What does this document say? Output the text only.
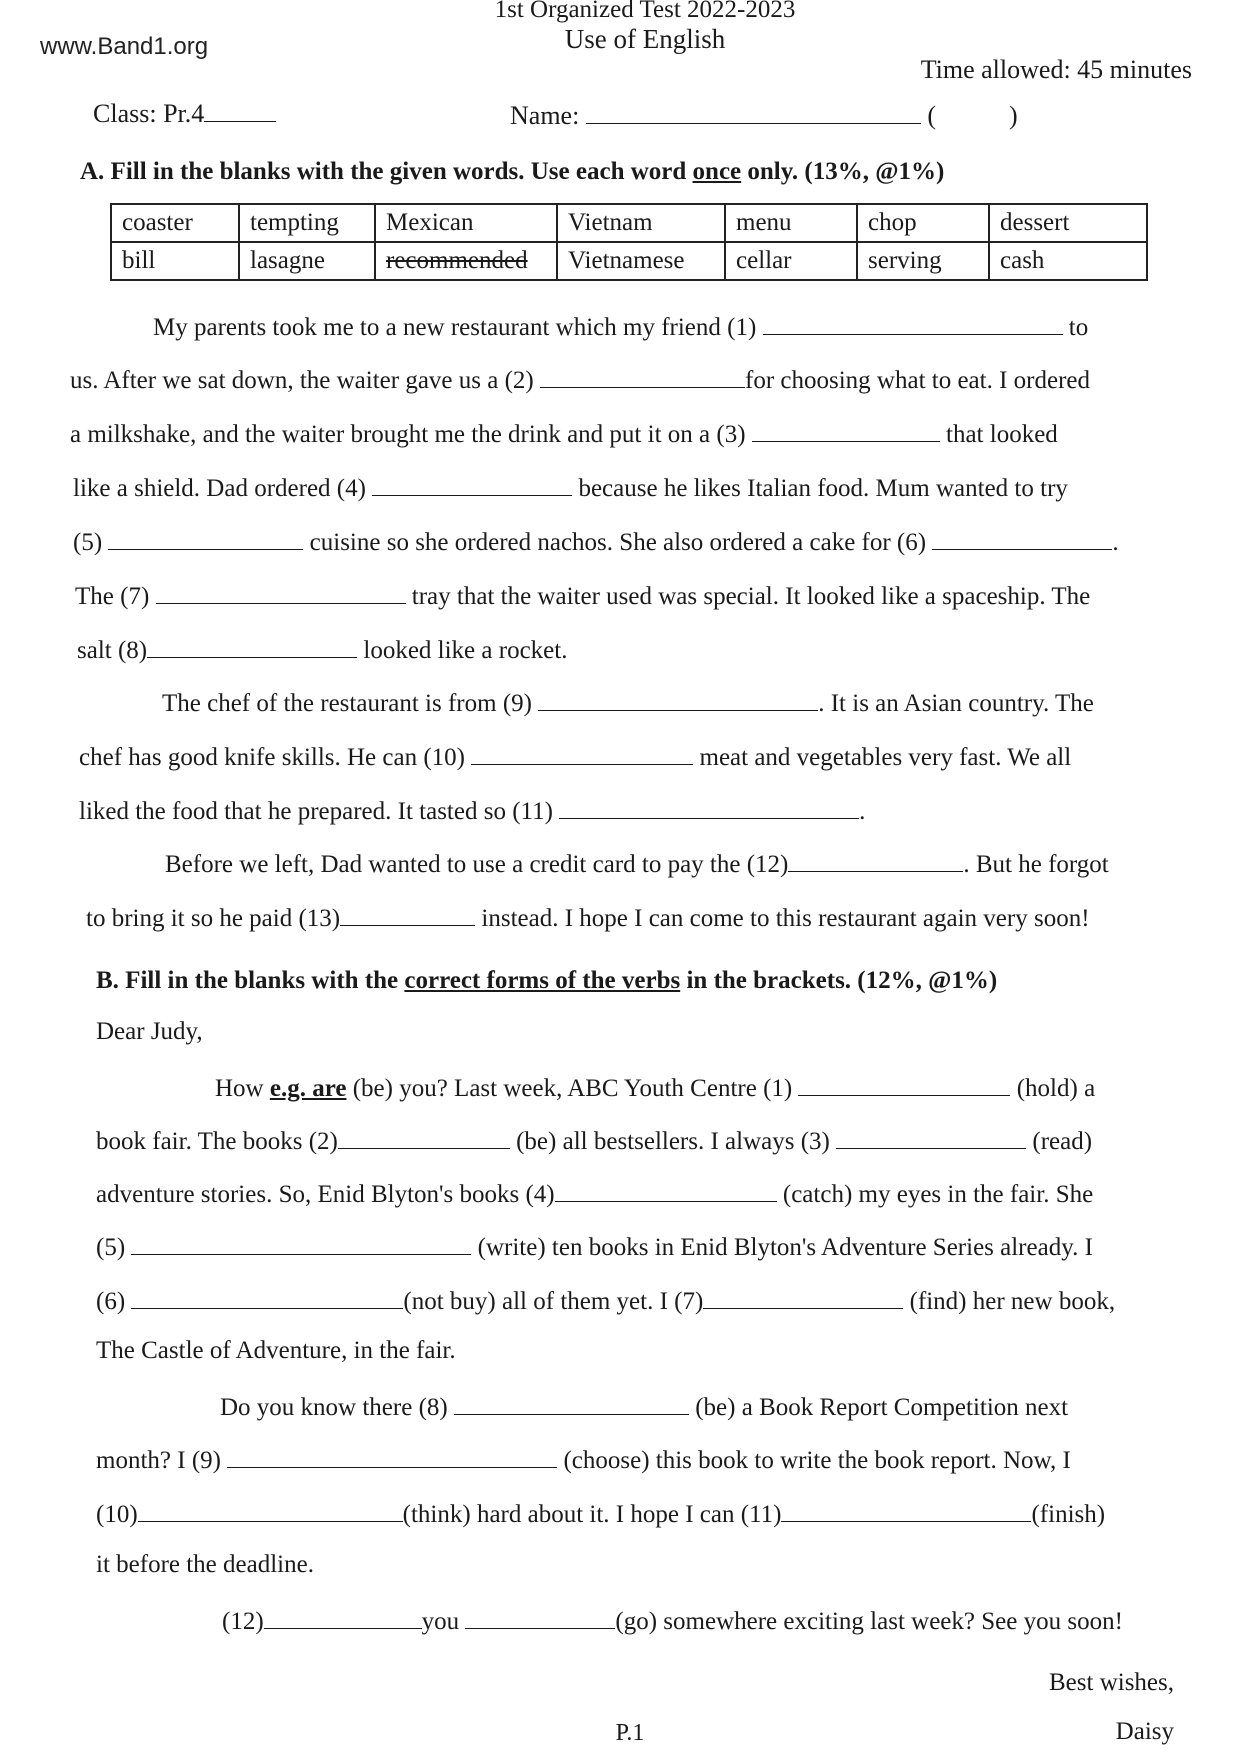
www.Band1.org
1st Organized Test 2022-2023
Use of English
Time allowed: 45 minutes
Class: Pr.4	Name:	(	)
A. Fill in the blanks with the given words. Use each word once only. (13%, @1%)
coaster	tempting	Mexican	Vietnam	menu	chop	dessert
bill	lasagne	recommended	Vietnamese	cellar	serving	cash
My parents took me to a new restaurant which my friend (1)	to
us. After we sat down, the waiter gave us a (2)	for choosing what to eat. I ordered
a milkshake, and the waiter brought me the drink and put it on a (3)	that looked
like a shield. Dad ordered (4)	because he likes Italian food. Mum wanted to try
(5)	cuisine so she ordered nachos. She also ordered a cake for (6)	.
The (7)	tray that the waiter used was special. It looked like a spaceship. The
salt (8)	looked like a rocket.
The chef of the restaurant is from (9)	. It is an Asian country. The
chef has good knife skills. He can (10)	meat and vegetables very fast. We all
liked the food that he prepared. It tasted so (11)	.
Before we left, Dad wanted to use a credit card to pay the (12)	. But he forgot
to bring it so he paid (13)	instead. I hope I can come to this restaurant again very soon!
B. Fill in the blanks with the correct forms of the verbs in the brackets. (12%, @1%)
Dear Judy,
How e.g. are (be) you? Last week, ABC Youth Centre (1)	(hold) a
book fair. The books (2)	(be) all bestsellers. I always (3)	(read)
adventure stories. So, Enid Blyton's books (4)	(catch) my eyes in the fair. She
(5)	(write) ten books in Enid Blyton's Adventure Series already. I
(6)	(not buy) all of them yet. I (7)	(find) her new book,
The Castle of Adventure, in the fair.
Do you know there (8)	(be) a Book Report Competition next
month? I (9)	(choose) this book to write the book report. Now, I
(10)	(think) hard about it. I hope I can (11)	(finish)
it before the deadline.
(12)	you	(go) somewhere exciting last week? See you soon!
Best wishes,
Daisy
P.1
